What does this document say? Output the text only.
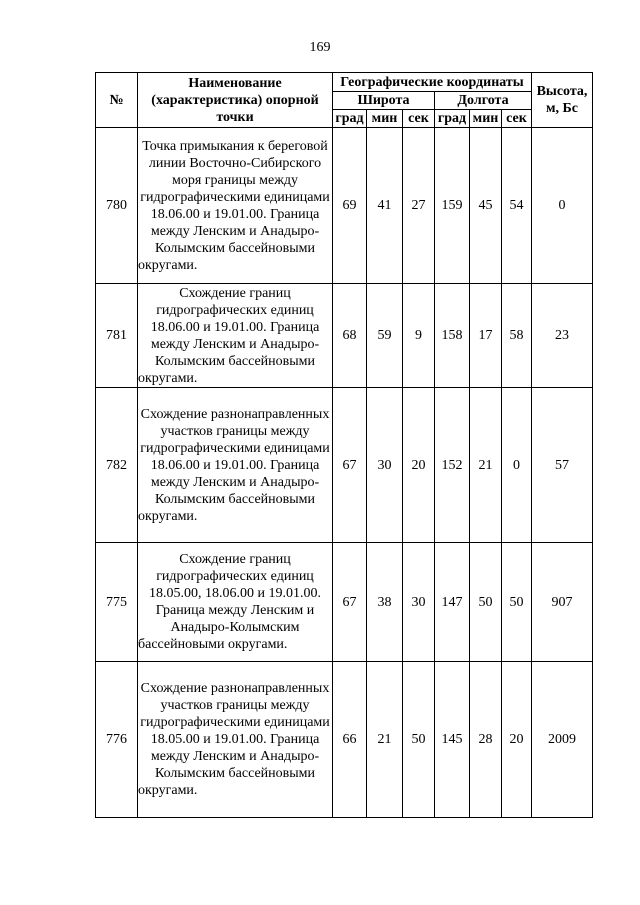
169
№	Наименование (характеристика) опорной точки	Географические координаты						Высота, м, Бс
		Широта			Долгота			
		град	мин	сек	град	мин	сек	
780	Точка примыкания к береговой линии Восточно-Сибирского моря границы между гидрографическими единицами 18.06.00 и 19.01.00. Граница между Ленским и Анадыро-Колымским бассейновыми округами.	69	41	27	159	45	54	0
781	Схождение границ гидрографических единиц 18.06.00 и 19.01.00. Граница между Ленским и Анадыро-Колымским бассейновыми округами.	68	59	9	158	17	58	23
782	Схождение разнонаправленных участков границы между гидрографическими единицами 18.06.00 и 19.01.00. Граница между Ленским и Анадыро-Колымским бассейновыми округами.	67	30	20	152	21	0	57
775	Схождение границ гидрографических единиц 18.05.00, 18.06.00 и 19.01.00. Граница между Ленским и Анадыро-Колымским бассейновыми округами.	67	38	30	147	50	50	907
776	Схождение разнонаправленных участков границы между гидрографическими единицами 18.05.00 и 19.01.00. Граница между Ленским и Анадыро-Колымским бассейновыми округами.	66	21	50	145	28	20	2009
